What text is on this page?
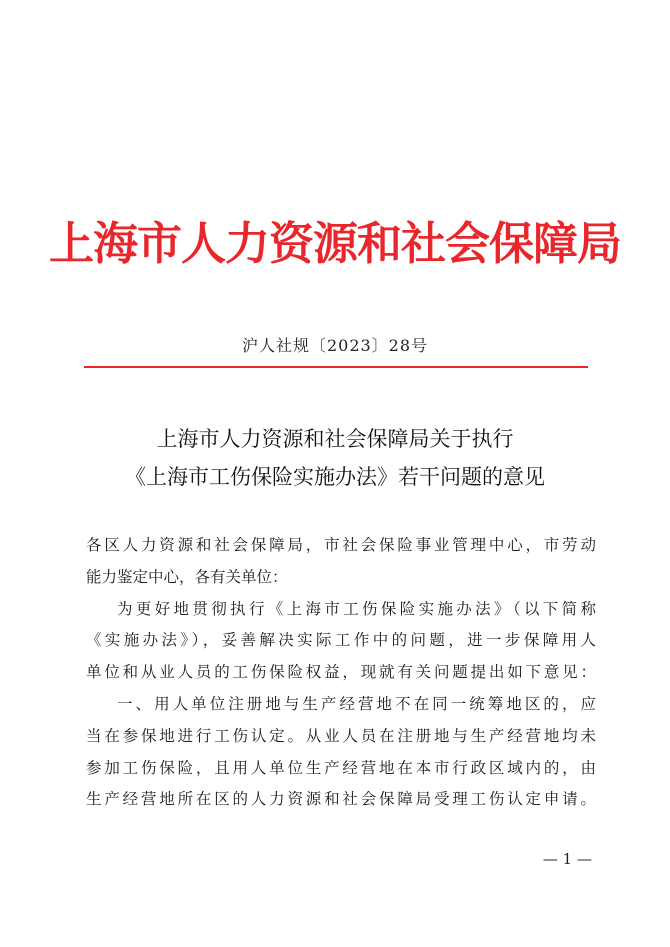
上海市人力资源和社会保障局
沪人社规〔2023〕28号
上海市人力资源和社会保障局关于执行
《上海市工伤保险实施办法》若干问题的意见
各区人力资源和社会保障局，市社会保险事业管理中心，市劳动
能力鉴定中心，各有关单位：
为更好地贯彻执行《上海市工伤保险实施办法》（以下简称
《实施办法》），妥善解决实际工作中的问题，进一步保障用人
单位和从业人员的工伤保险权益，现就有关问题提出如下意见：
一、用人单位注册地与生产经营地不在同一统筹地区的，应
当在参保地进行工伤认定。从业人员在注册地与生产经营地均未
参加工伤保险，且用人单位生产经营地在本市行政区域内的，由
生产经营地所在区的人力资源和社会保障局受理工伤认定申请。
— 1 —
